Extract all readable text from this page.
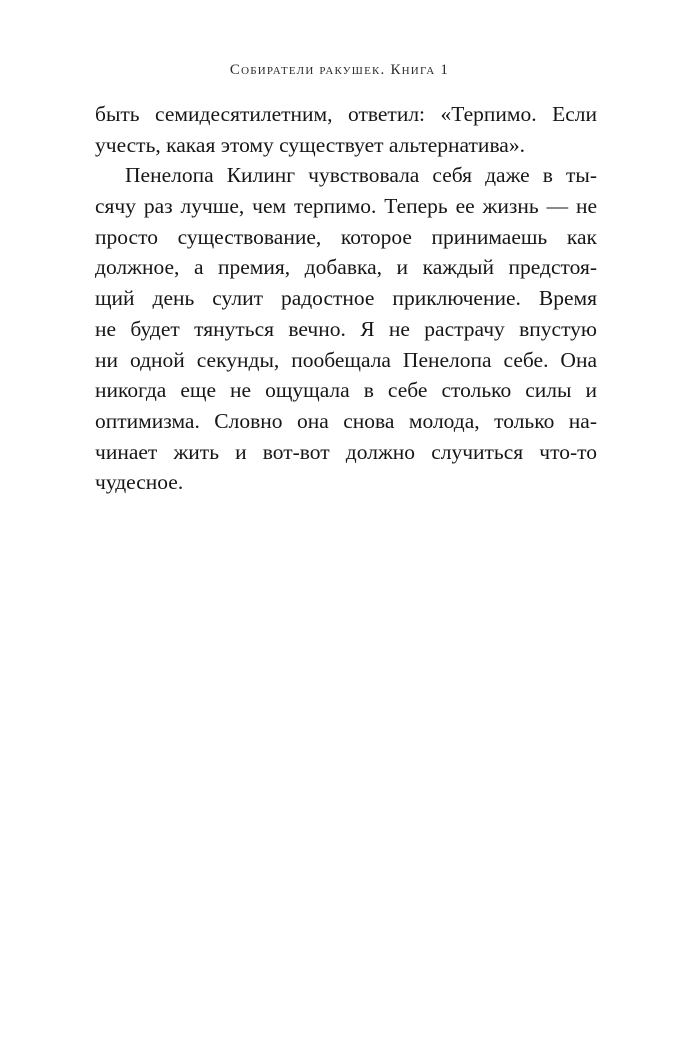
Собиратели ракушек. Книга 1
быть семидесятилетним, ответил: «Терпимо. Если
учесть, какая этому существует альтернатива».
Пенелопа Килинг чувствовала себя даже в ты-
сячу раз лучше, чем терпимо. Теперь ее жизнь — не
просто существование, которое принимаешь как
должное, а премия, добавка, и каждый предстоя-
щий день сулит радостное приключение. Время
не будет тянуться вечно. Я не растрачу впустую
ни одной секунды, пообещала Пенелопа себе. Она
никогда еще не ощущала в себе столько силы и
оптимизма. Словно она снова молода, только на-
чинает жить и вот-вот должно случиться что-то
чудесное.
